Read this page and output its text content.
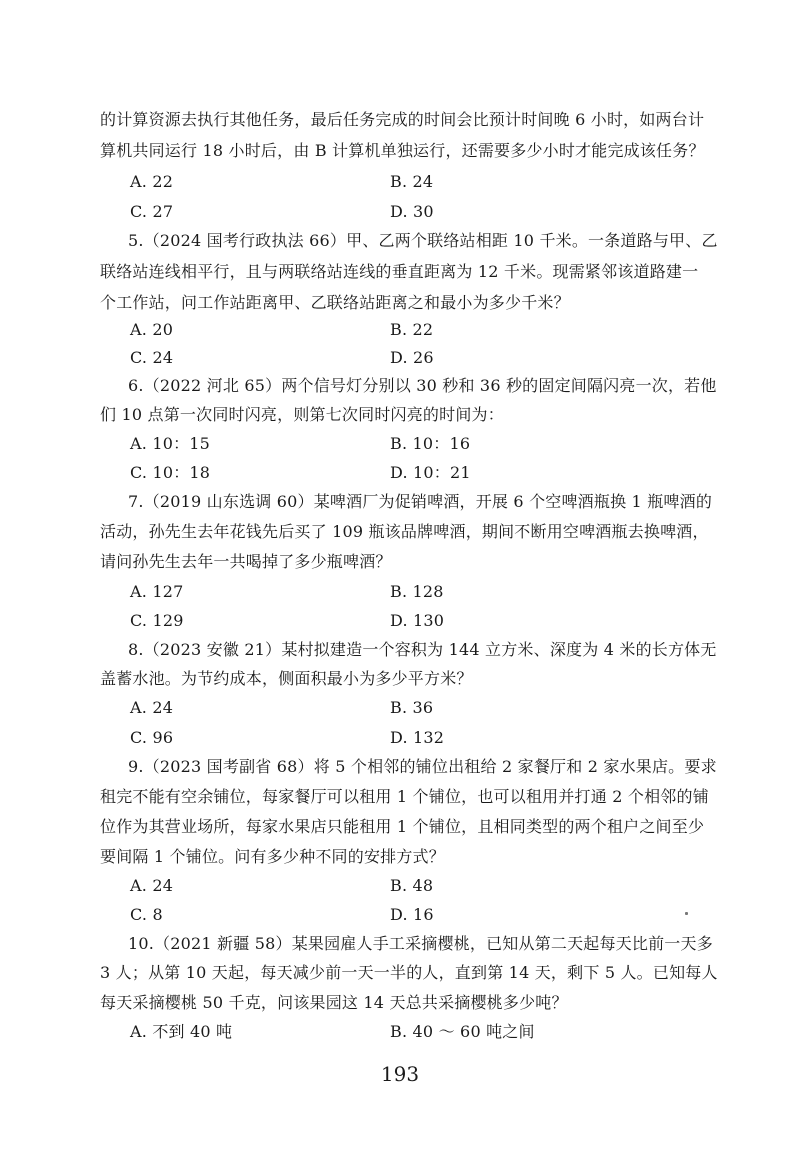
的计算资源去执行其他任务，最后任务完成的时间会比预计时间晚 6 小时，如两台计
算机共同运行 18 小时后，由 B 计算机单独运行，还需要多少小时才能完成该任务？
A. 22	B. 24
C. 27	D. 30
5.（2024 国考行政执法 66）甲、乙两个联络站相距 10 千米。一条道路与甲、乙
联络站连线相平行，且与两联络站连线的垂直距离为 12 千米。现需紧邻该道路建一
个工作站，问工作站距离甲、乙联络站距离之和最小为多少千米？
A. 20	B. 22
C. 24	D. 26
6.（2022 河北 65）两个信号灯分别以 30 秒和 36 秒的固定间隔闪亮一次，若他
们 10 点第一次同时闪亮，则第七次同时闪亮的时间为：
A. 10：15	B. 10：16
C. 10：18	D. 10：21
7.（2019 山东选调 60）某啤酒厂为促销啤酒，开展 6 个空啤酒瓶换 1 瓶啤酒的
活动，孙先生去年花钱先后买了 109 瓶该品牌啤酒，期间不断用空啤酒瓶去换啤酒，
请问孙先生去年一共喝掉了多少瓶啤酒？
A. 127	B. 128
C. 129	D. 130
8.（2023 安徽 21）某村拟建造一个容积为 144 立方米、深度为 4 米的长方体无
盖蓄水池。为节约成本，侧面积最小为多少平方米？
A. 24	B. 36
C. 96	D. 132
9.（2023 国考副省 68）将 5 个相邻的铺位出租给 2 家餐厅和 2 家水果店。要求
租完不能有空余铺位，每家餐厅可以租用 1 个铺位，也可以租用并打通 2 个相邻的铺
位作为其营业场所，每家水果店只能租用 1 个铺位，且相同类型的两个租户之间至少
要间隔 1 个铺位。问有多少种不同的安排方式？
A. 24	B. 48
C. 8	D. 16
10.（2021 新疆 58）某果园雇人手工采摘樱桃，已知从第二天起每天比前一天多
3 人；从第 10 天起，每天减少前一天一半的人，直到第 14 天，剩下 5 人。已知每人
每天采摘樱桃 50 千克，问该果园这 14 天总共采摘樱桃多少吨？
A. 不到 40 吨	B. 40 ～ 60 吨之间
193
